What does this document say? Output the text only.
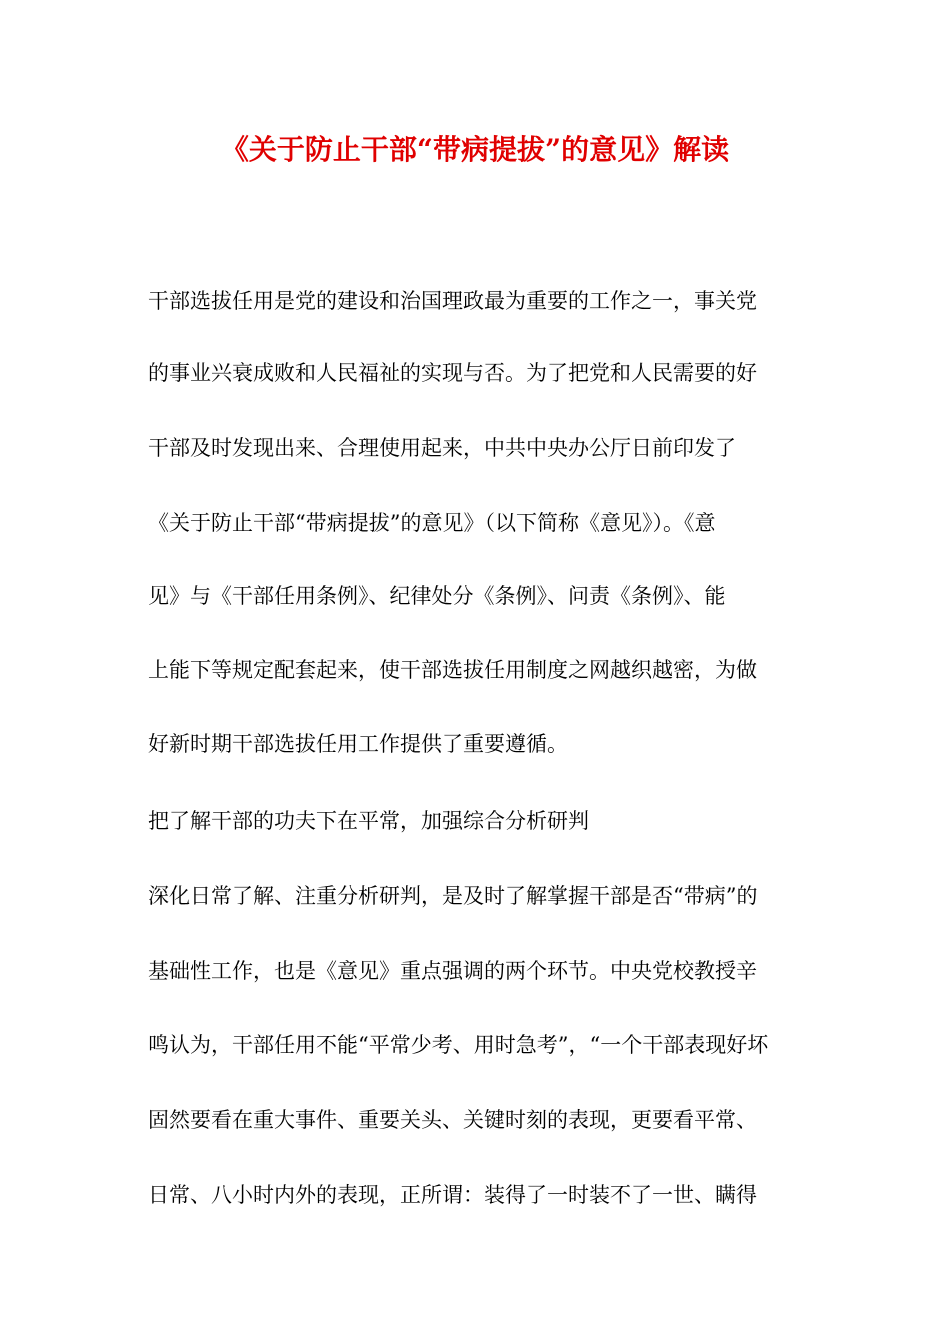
《关于防止干部“带病提拔”的意见》解读
干部选拔任用是党的建设和治国理政最为重要的工作之一，事关党
的事业兴衰成败和人民福祉的实现与否。为了把党和人民需要的好
干部及时发现出来、合理使用起来，中共中央办公厅日前印发了
《关于防止干部“带病提拔”的意见》（以下简称《意见》）。《意
见》与《干部任用条例》、纪律处分《条例》、问责《条例》、能
上能下等规定配套起来，使干部选拔任用制度之网越织越密，为做
好新时期干部选拔任用工作提供了重要遵循。
把了解干部的功夫下在平常，加强综合分析研判
深化日常了解、注重分析研判，是及时了解掌握干部是否“带病”的
基础性工作，也是《意见》重点强调的两个环节。中央党校教授辛
鸣认为，干部任用不能“平常少考、用时急考”，“一个干部表现好坏
固然要看在重大事件、重要关头、关键时刻的表现，更要看平常、
日常、八小时内外的表现，正所谓：装得了一时装不了一世、瞒得
